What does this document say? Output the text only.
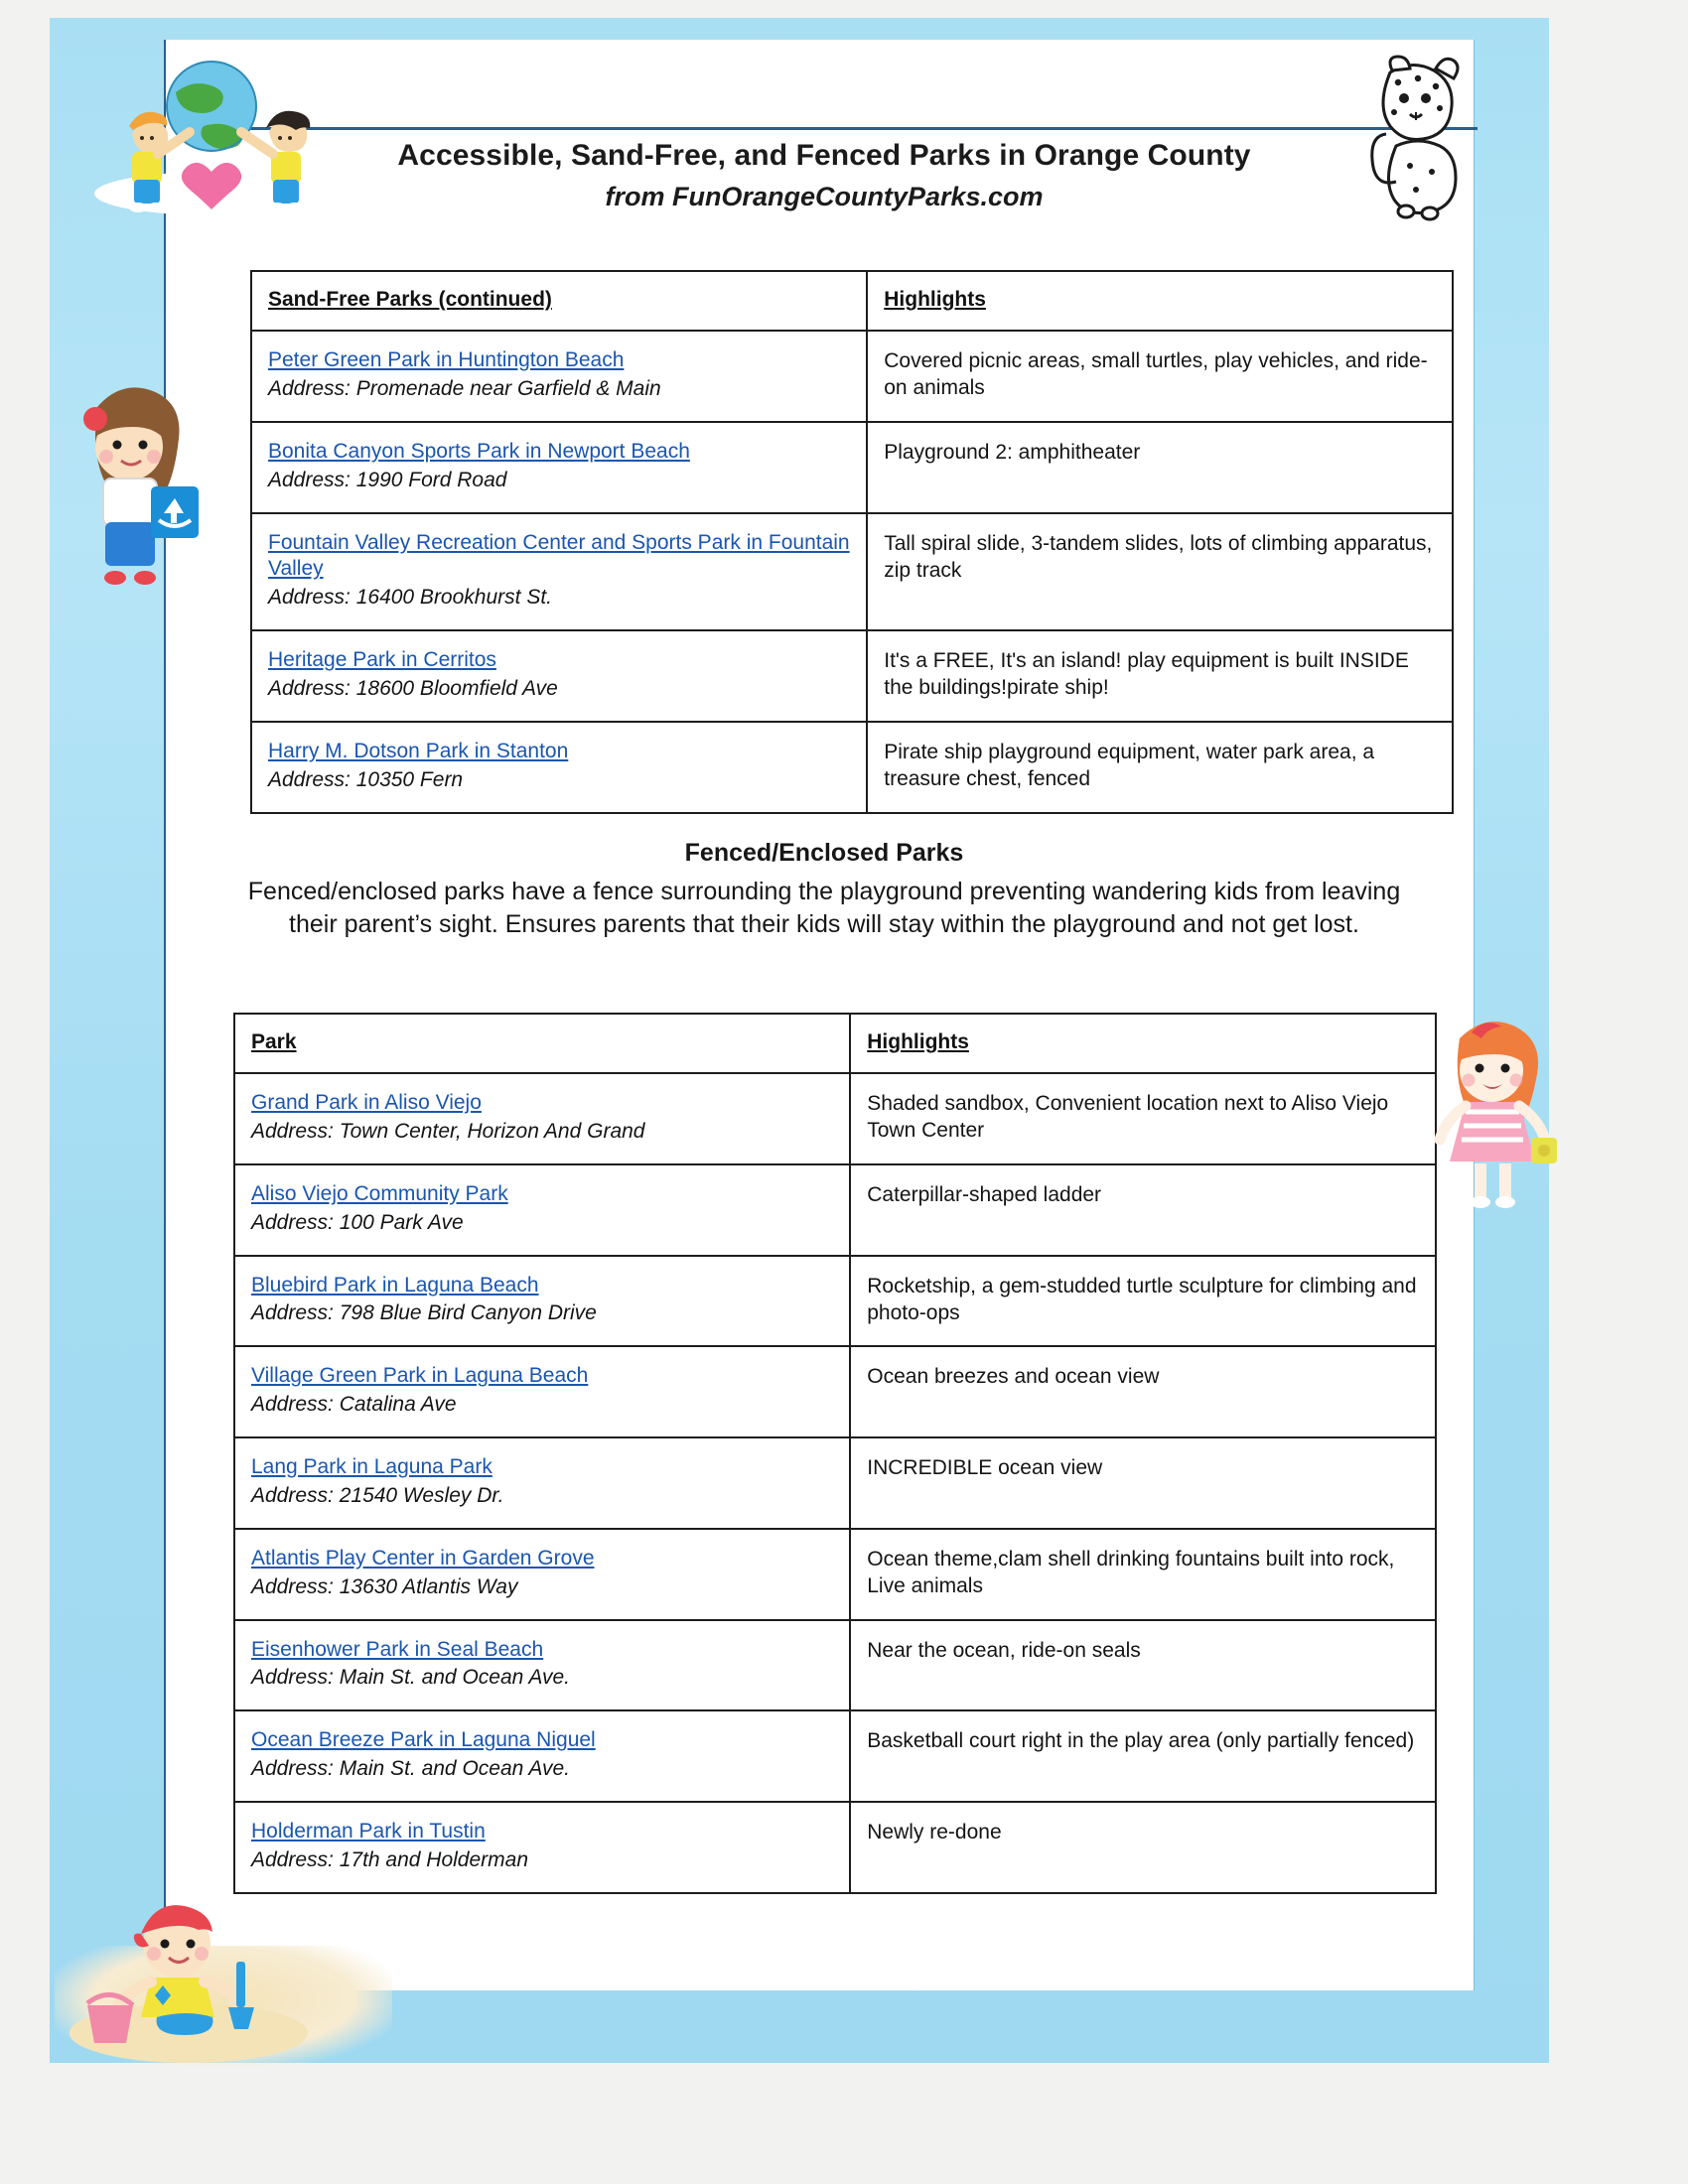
Accessible, Sand-Free, and Fenced Parks in Orange County
from FunOrangeCountyParks.com
Sand-Free Parks (continued)	Highlights

Peter Green Park in Huntington Beach
Address: Promenade near Garfield & Main	Covered picnic areas, small turtles, play vehicles, and ride-on animals

Bonita Canyon Sports Park in Newport Beach
Address: 1990 Ford Road	Playground 2: amphitheater

Fountain Valley Recreation Center and Sports Park in Fountain Valley
Address: 16400 Brookhurst St.	Tall spiral slide, 3-tandem slides, lots of climbing apparatus, zip track

Heritage Park in Cerritos
Address: 18600 Bloomfield Ave	It's a FREE, It's an island! play equipment is built INSIDE the buildings!pirate ship!

Harry M. Dotson Park in Stanton
Address: 10350 Fern	Pirate ship playground equipment, water park area, a treasure chest, fenced
Fenced/Enclosed Parks
Fenced/enclosed parks have a fence surrounding the playground preventing wandering kids from leaving their parent’s sight. Ensures parents that their kids will stay within the playground and not get lost.
Park	Highlights

Grand Park in Aliso Viejo
Address: Town Center, Horizon And Grand	Shaded sandbox, Convenient location next to Aliso Viejo Town Center

Aliso Viejo Community Park
Address: 100 Park Ave	Caterpillar-shaped ladder

Bluebird Park in Laguna Beach
Address: 798 Blue Bird Canyon Drive	Rocketship, a gem-studded turtle sculpture for climbing and photo-ops

Village Green Park in Laguna Beach
Address: Catalina Ave	Ocean breezes and ocean view

Lang Park in Laguna Park
Address: 21540 Wesley Dr.	INCREDIBLE ocean view

Atlantis Play Center in Garden Grove
Address: 13630 Atlantis Way	Ocean theme,clam shell drinking fountains built into rock, Live animals

Eisenhower Park in Seal Beach
Address: Main St. and Ocean Ave.	Near the ocean, ride-on seals

Ocean Breeze Park in Laguna Niguel
Address: Main St. and Ocean Ave.	Basketball court right in the play area (only partially fenced)

Holderman Park in Tustin
Address: 17th and Holderman	Newly re-done
